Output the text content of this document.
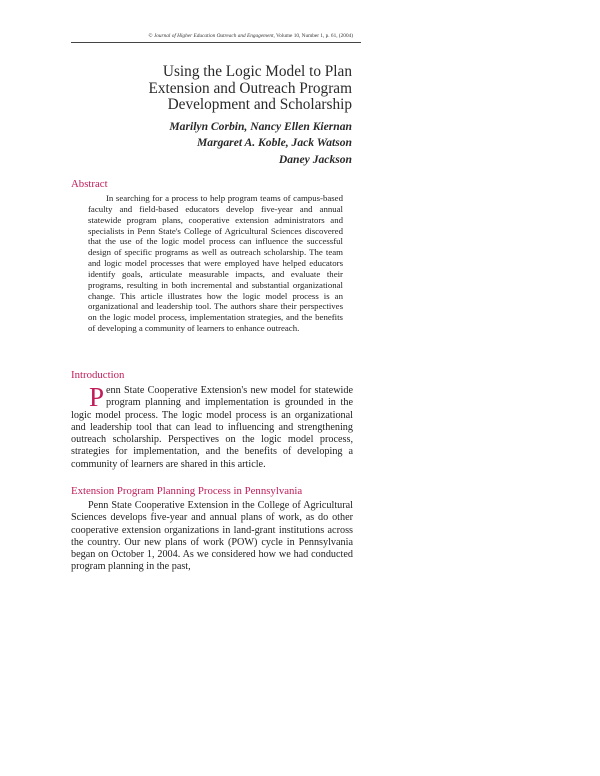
© Journal of Higher Education Outreach and Engagement, Volume 10, Number 1, p. 61, (2004)
Using the Logic Model to Plan Extension and Outreach Program Development and Scholarship
Marilyn Corbin, Nancy Ellen Kiernan
Margaret A. Koble, Jack Watson
Daney Jackson
Abstract

In searching for a process to help program teams of campus-based faculty and field-based educators develop five-year and annual statewide program plans, cooperative extension administrators and specialists in Penn State's College of Agricultural Sciences discovered that the use of the logic model process can influence the successful design of specific programs as well as outreach scholarship. The team and logic model processes that were employed have helped educators identify goals, articulate measurable impacts, and evaluate their programs, resulting in both incremental and substantial organizational change. This article illustrates how the logic model process is an organizational and leadership tool. The authors share their perspectives on the logic model process, implementation strategies, and the benefits of developing a community of learners to enhance outreach.

Introduction

Penn State Cooperative Extension's new model for statewide program planning and implementation is grounded in the logic model process. The logic model process is an organizational and leadership tool that can lead to influencing and strengthening outreach scholarship. Perspectives on the logic model process, strategies for implementation, and the benefits of developing a community of learners are shared in this article.

Extension Program Planning Process in Pennsylvania

Penn State Cooperative Extension in the College of Agricultural Sciences develops five-year and annual plans of work, as do other cooperative extension organizations in land-grant institutions across the country. Our new plans of work (POW) cycle in Pennsylvania began on October 1, 2004. As we considered how we had conducted program planning in the past,
